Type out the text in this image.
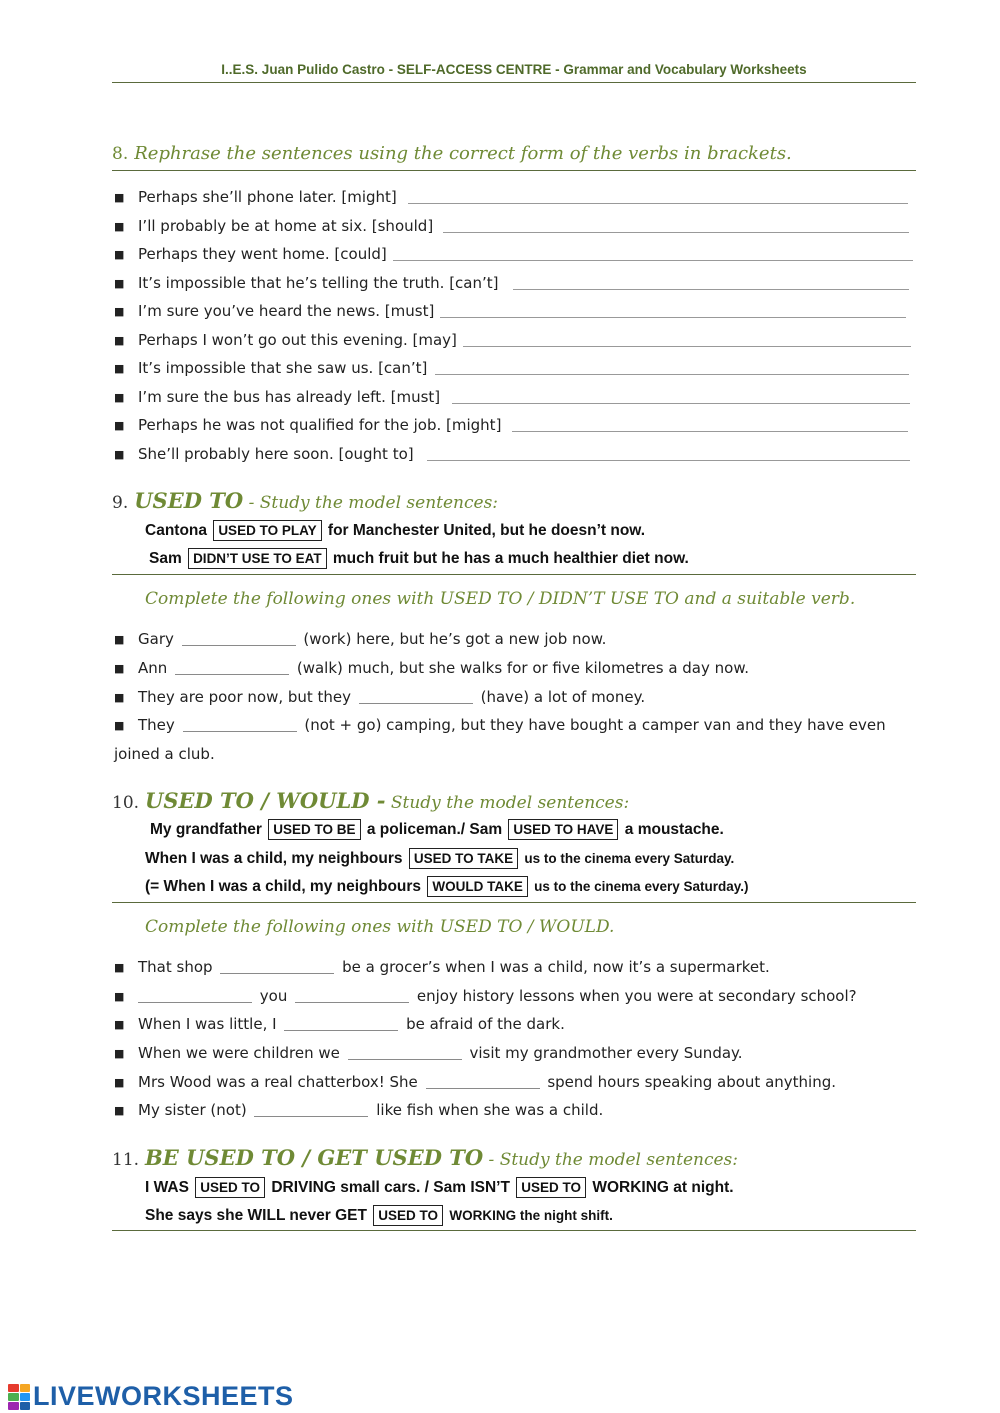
I..E.S. Juan Pulido Castro - SELF-ACCESS CENTRE - Grammar and Vocabulary Worksheets
8. Rephrase the sentences using the correct form of the verbs in brackets.
■ Perhaps she’ll phone later. [might]
■ I’ll probably be at home at six. [should]
■ Perhaps they went home. [could]
■ It’s impossible that he’s telling the truth. [can’t]
■ I’m sure you’ve heard the news. [must]
■ Perhaps I won’t go out this evening. [may]
■ It’s impossible that she saw us. [can’t]
■ I’m sure the bus has already left. [must]
■ Perhaps he was not qualified for the job. [might]
■ She’ll probably here soon. [ought to]
9. USED TO - Study the model sentences:
Cantona USED TO PLAY for Manchester United, but he doesn’t now.
Sam DIDN’T USE TO EAT much fruit but he has a much healthier diet now.
Complete the following ones with USED TO / DIDN’T USE TO and a suitable verb.
■ Gary	(work) here, but he’s got a new job now.
■ Ann	(walk) much, but she walks for or five kilometres a day now.
■ They are poor now, but they	(have) a lot of money.
■ They	(not + go) camping, but they have bought a camper van and they have even
joined a club.
10. USED TO / WOULD - Study the model sentences:
My grandfather USED TO BE a policeman./ Sam USED TO HAVE a moustache.
When I was a child, my neighbours USED TO TAKE us to the cinema every Saturday.
(= When I was a child, my neighbours WOULD TAKE us to the cinema every Saturday.)
Complete the following ones with USED TO / WOULD.
■ That shop	be a grocer’s when I was a child, now it’s a supermarket.
■	you	enjoy history lessons when you were at secondary school?
■ When I was little, I	be afraid of the dark.
■ When we were children we	visit my grandmother every Sunday.
■ Mrs Wood was a real chatterbox! She	spend hours speaking about anything.
■ My sister (not)	like fish when she was a child.
11. BE USED TO / GET USED TO - Study the model sentences:
I WAS USED TO DRIVING small cars. / Sam ISN’T USED TO WORKING at night.
She says she WILL never GET USED TO WORKING the night shift.
LIVEWORKSHEETS
